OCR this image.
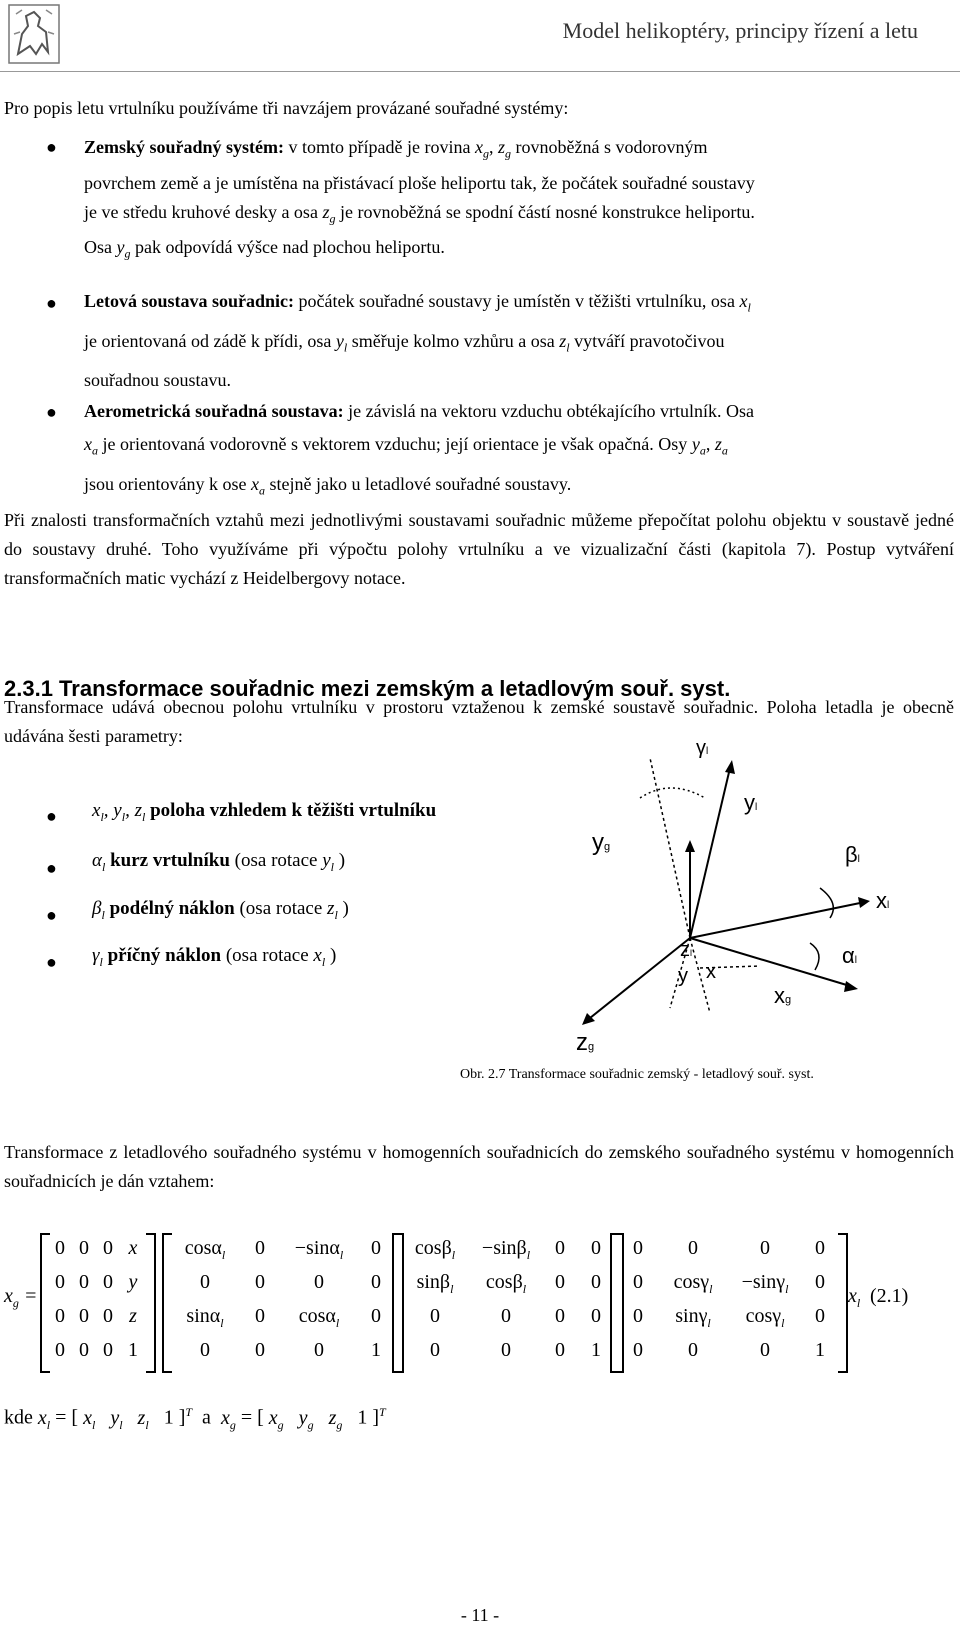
Model helikoptéry, principy řízení a letu
Pro popis letu vrtulníku používáme tři navzájem provázané souřadné systémy:
● Zemský souřadný systém: v tomto případě je rovina $x_g$, $z_g$ rovnoběžná s vodorovným
povrchem země a je umístěna na přistávací ploše heliportu tak, že počátek souřadné soustavy
je ve středu kruhové desky a osa $z_g$ je rovnoběžná se spodní částí nosné konstrukce heliportu.
Osa $y_g$ pak odpovídá výšce nad plochou heliportu.
● Letová soustava souřadnic: počátek souřadné soustavy je umístěn v těžišti vrtulníku, osa $x_l$
je orientovaná od zádě k přídi, osa $y_l$ směřuje kolmo vzhůru a osa $z_l$ vytváří pravotočivou
souřadnou soustavu.
● Aerometrická souřadná soustava: je závislá na vektoru vzduchu obtékajícího vrtulník. Osa
$x_a$ je orientovaná vodorovně s vektorem vzduchu; její orientace je však opačná. Osy $y_a$, $z_a$
jsou orientovány k ose $x_a$ stejně jako u letadlové souřadné soustavy.
Při znalosti transformačních vztahů mezi jednotlivými soustavami souřadnic můžeme přepočítat polohu objektu v soustavě jedné do soustavy druhé. Toho využíváme při výpočtu polohy vrtulníku a ve vizualizační části (kapitola 7). Postup vytváření transformačních matic vychází z Heidelbergovy notace.
2.3.1 Transformace souřadnic mezi zemským a letadlovým souř. syst.
Transformace udává obecnou polohu vrtulníku v prostoru vztaženou k zemské soustavě souřadnic. Poloha letadla je obecně udávána šesti parametry:
● $x_l$, $y_l$, $z_l$ poloha vzhledem k těžišti vrtulníku
● $\alpha_l$ kurz vrtulníku (osa rotace $y_l$ )
● $\beta_l$ podélný náklon (osa rotace $z_l$ )
● $\gamma_l$ příčný náklon (osa rotace $x_l$ )
γl
yl
yg	βl
xl
αl
zl
y x
xg
zg
Obr. 2.7 Transformace souřadnic zemský - letadlový souř. syst.
Transformace z letadlového souřadného systému v homogenních souřadnicích do zemského souřadného systému v homogenních souřadnicích je dán vztahem:
$x_g$ =
0 0 0 x
0 0 0 y
0 0 0 z
0 0 0 1
cosα$_l$	0	−sinα$_l$	0
0	0	0	0
sinα$_l$	0	cosα$_l$	0
0	0	0	1
cosβ$_l$	−sinβ$_l$	0	0
sinβ$_l$	cosβ$_l$	0	0
0	0	0	0
0	0	0	1
0	0	0	0
0	cosγ$_l$	−sinγ$_l$	0
0	sinγ$_l$	cosγ$_l$	0
0	0	0	1
$x_l$ (2.1)
kde $x_l$ = [ $x_l$   $y_l$   $z_l$   1 ]$^T$ a $x_g$ = [ $x_g$   $y_g$   $z_g$   1 ]$^T$
- 11 -
